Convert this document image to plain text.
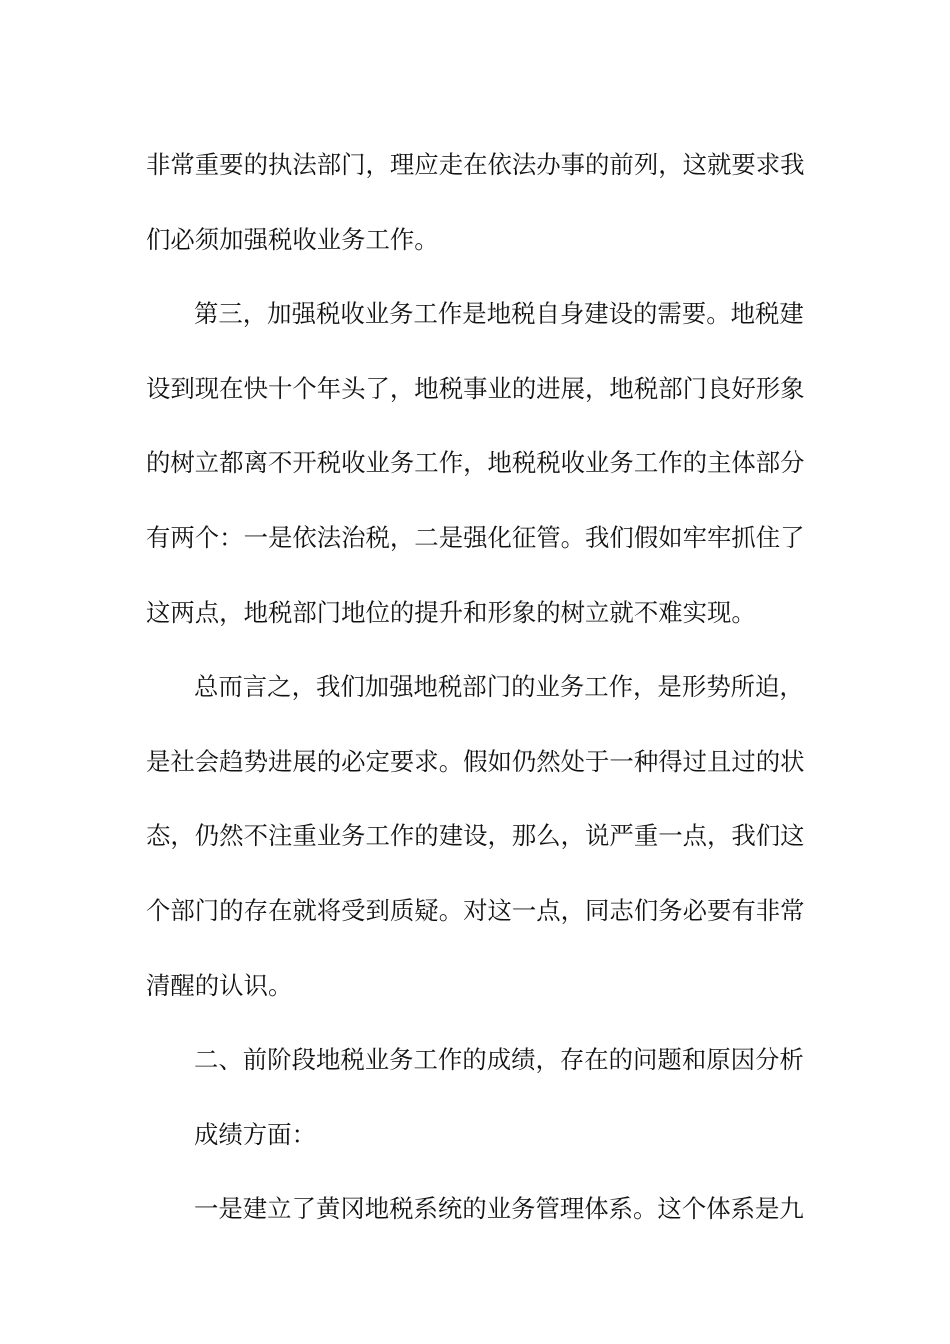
非常重要的执法部门，理应走在依法办事的前列，这就要求我
们必须加强税收业务工作。
第三，加强税收业务工作是地税自身建设的需要。地税建
设到现在快十个年头了，地税事业的进展，地税部门良好形象
的树立都离不开税收业务工作，地税税收业务工作的主体部分
有两个：一是依法治税，二是强化征管。我们假如牢牢抓住了
这两点，地税部门地位的提升和形象的树立就不难实现。
总而言之，我们加强地税部门的业务工作，是形势所迫，
是社会趋势进展的必定要求。假如仍然处于一种得过且过的状
态，仍然不注重业务工作的建设，那么，说严重一点，我们这
个部门的存在就将受到质疑。对这一点，同志们务必要有非常
清醒的认识。
二、前阶段地税业务工作的成绩，存在的问题和原因分析
成绩方面：
一是建立了黄冈地税系统的业务管理体系。这个体系是九
